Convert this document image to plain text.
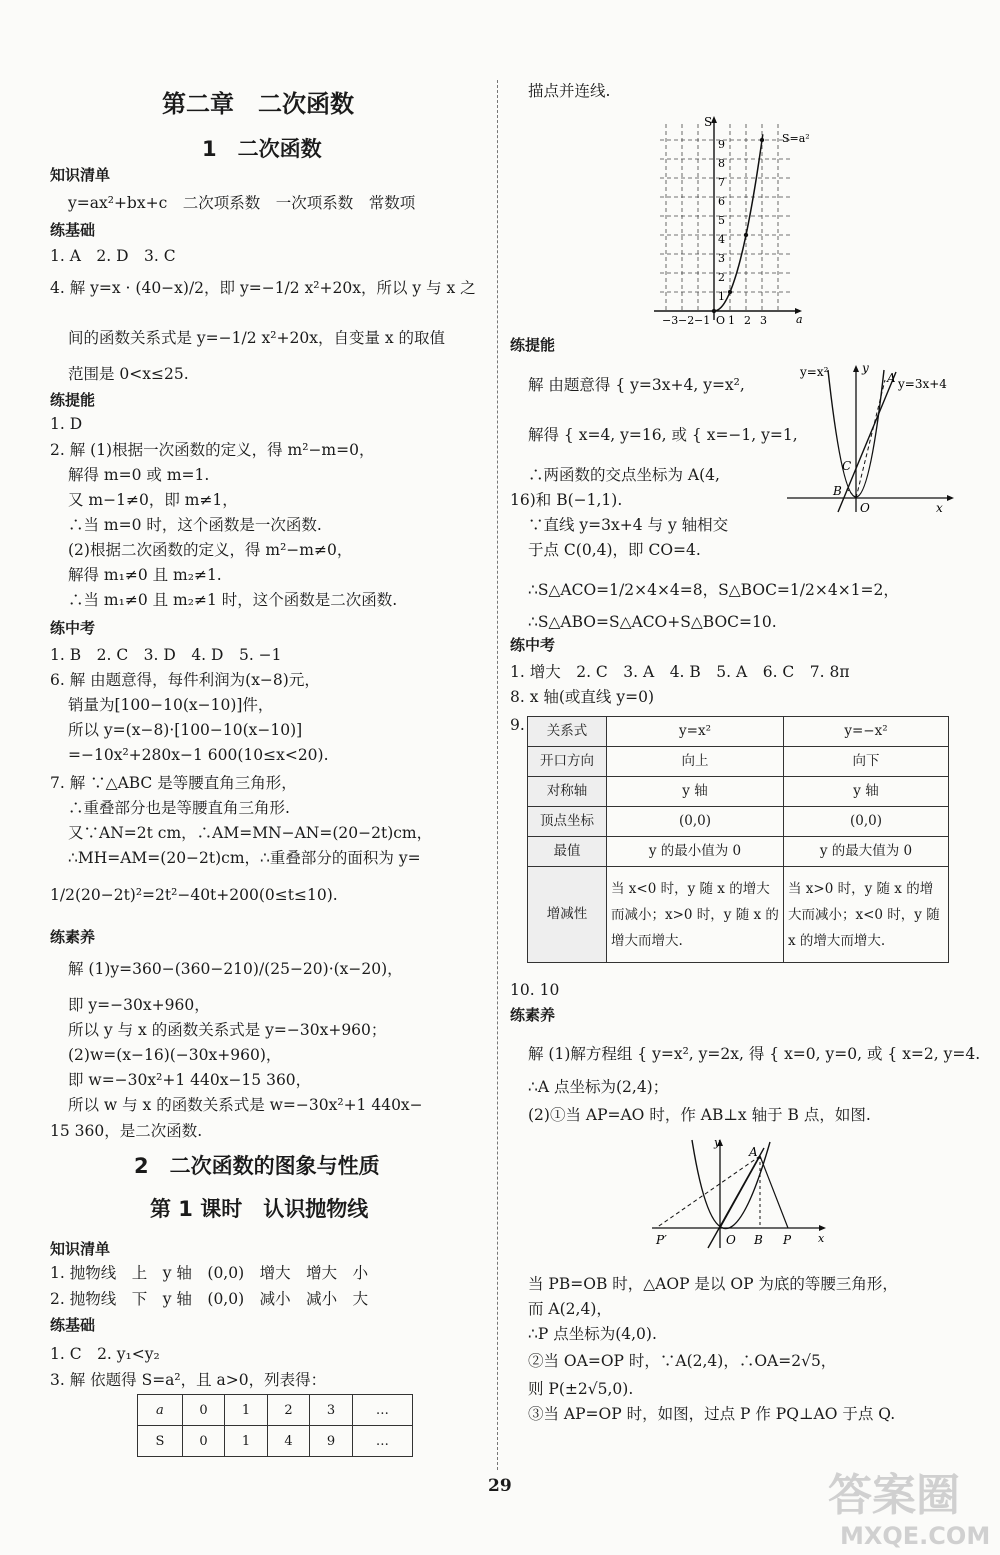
第二章　二次函数
1　二次函数
2　二次函数的图象与性质
第 1 课时　认识抛物线
知识清单
y=ax²+bx+c　二次项系数　一次项系数　常数项
练基础
1. A　2. D　3. C
4. 解 y=x · (40−x)/2，即 y=−1/2 x²+20x，所以 y 与 x 之
间的函数关系式是 y=−1/2 x²+20x，自变量 x 的取值
范围是 0<x≤25.
练提能
1. D
2. 解 (1)根据一次函数的定义，得 m²−m=0，
解得 m=0 或 m=1.
又 m−1≠0，即 m≠1，
∴当 m=0 时，这个函数是一次函数.
(2)根据二次函数的定义，得 m²−m≠0，
解得 m₁≠0 且 m₂≠1.
∴当 m₁≠0 且 m₂≠1 时，这个函数是二次函数.
练中考
1. B　2. C　3. D　4. D　5. −1
6. 解 由题意得，每件利润为(x−8)元，
销量为[100−10(x−10)]件，
所以 y=(x−8)·[100−10(x−10)]
=−10x²+280x−1 600(10≤x<20).
7. 解 ∵△ABC 是等腰直角三角形，
∴重叠部分也是等腰直角三角形.
又∵AN=2t cm，∴AM=MN−AN=(20−2t)cm，
∴MH=AM=(20−2t)cm，∴重叠部分的面积为 y=
1/2(20−2t)²=2t²−40t+200(0≤t≤10).
练素养
解 (1)y=360−(360−210)/(25−20)·(x−20)，
即 y=−30x+960，
所以 y 与 x 的函数关系式是 y=−30x+960；
(2)w=(x−16)(−30x+960)，
即 w=−30x²+1 440x−15 360，
所以 w 与 x 的函数关系式是 w=−30x²+1 440x−
15 360，是二次函数.
知识清单
1. 抛物线　上　y 轴　(0,0)　增大　增大　小
2. 抛物线　下　y 轴　(0,0)　减小　减小　大
练基础
1. C　2. y₁<y₂
3. 解 依题得 S=a²，且 a>0，列表得：
a	0	1	2	3	…
S	0	1	4	9	…
描点并连线.
练提能
解 由题意得 { y=3x+4, y=x²,
解得 { x=4, y=16, 或 { x=−1, y=1,
∴两函数的交点坐标为 A(4,
16)和 B(−1,1).
∵直线 y=3x+4 与 y 轴相交
于点 C(0,4)，即 CO=4.
∴S△ACO=1/2×4×4=8，S△BOC=1/2×4×1=2，
∴S△ABO=S△ACO+S△BOC=10.
练中考
1. 增大　2. C　3. A　4. B　5. A　6. C　7. 8π
8. x 轴(或直线 y=0)
9.
10. 10
练素养
解 (1)解方程组 { y=x², y=2x, 得 { x=0, y=0, 或 { x=2, y=4.
∴A 点坐标为(2,4)；
(2)①当 AP=AO 时，作 AB⊥x 轴于 B 点，如图.
当 PB=OB 时，△AOP 是以 OP 为底的等腰三角形，
而 A(2,4)，
∴P 点坐标为(4,0).
②当 OA=OP 时，∵A(2,4)，∴OA=2√5，
则 P(±2√5,0).
③当 AP=OP 时，如图，过点 P 作 PQ⊥AO 于点 Q.
S
S=a²
1
2
3
4
5
6
7
8
9
−3 −2 −1 O 1 2 3	a
y=x²
y=3x+4
y
A
C
B
O	x
关系式	y=x²	y=−x²
开口方向	向上	向下
对称轴	y 轴	y 轴
顶点坐标	(0,0)	(0,0)
最值	y 的最小值为 0	y 的最大值为 0
增减性	当 x<0 时，y 随 x 的增大而减小；x>0 时，y 随 x 的增大而增大.	当 x>0 时，y 随 x 的增大而减小；x<0 时，y 随 x 的增大而增大.
y
x
A
O B P
P′
29	答案圈
MXQE.COM
